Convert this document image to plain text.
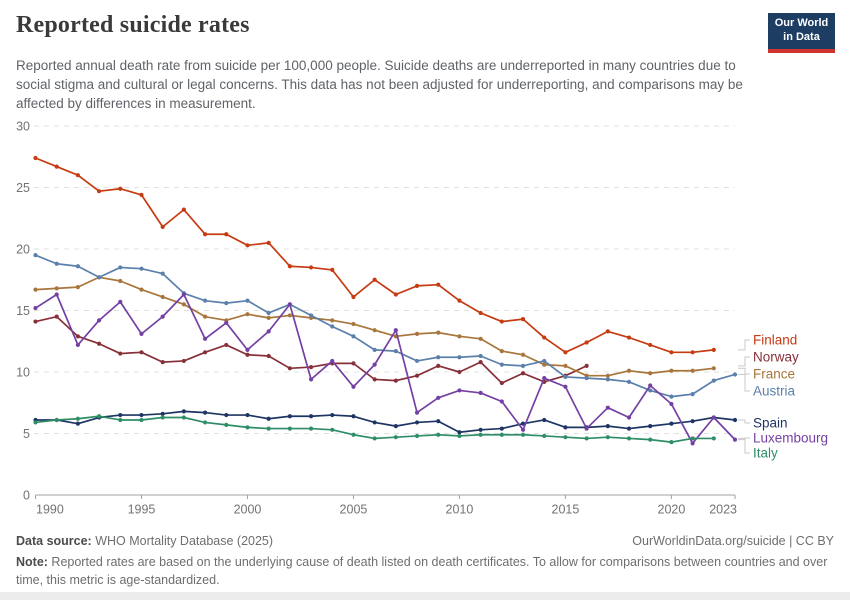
Reported suicide rates	Our World
in Data
Reported annual death rate from suicide per 100,000 people. Suicide deaths are underreported in many countries due to social stigma and cultural or legal concerns. This data has not been adjusted for underreporting, and comparisons may be affected by differences in measurement.
0
5
10
15
20
25
30
1990	1995	2000	2005	2010	2015	2020 2023
Finland
Norway
France
Austria
Spain
Luxembourg
Italy
Data source: WHO Mortality Database (2025)	OurWorldinData.org/suicide | CC BY
Note: Reported rates are based on the underlying cause of death listed on death certificates. To allow for comparisons between countries and over time, this metric is age-standardized.
